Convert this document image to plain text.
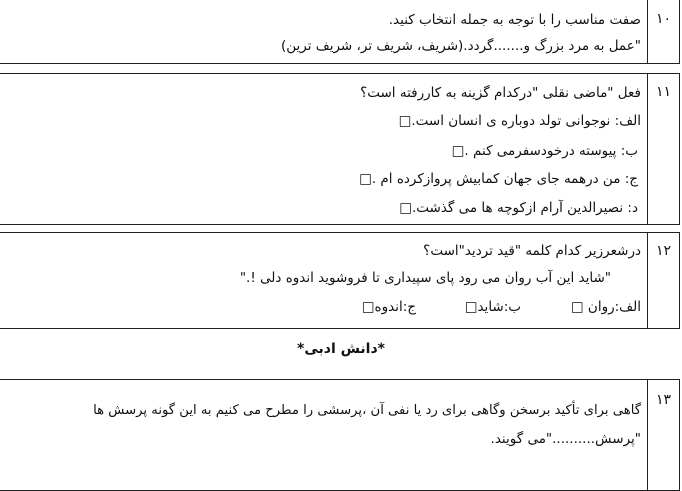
۱۰
صفت مناسب را با توجه به جمله انتخاب کنید.
"عمل به مرد بزرگ و.......گردد.(شریف، شریف تر، شریف ترین)
۱۱
فعل "ماضی نقلی "درکدام گزینه به کاررفته است؟
الف: نوجوانی تولد دوباره ی انسان است.□
ب: پیوسته درخودسفرمی کنم .□
ج: من درهمه جای جهان کمابیش پروازکرده ام .□
د: نصیرالدین آرام ازکوچه ها می گذشت.□
۱۲
درشعرزیر کدام کلمه "قید تردید"است؟
"شاید این آب روان می رود پای سپیداری تا فروشوید اندوه دلی !."
الف:روان □
ب:شاید□
ج:اندوه□
*دانش ادبی*
۱۳
گاهی برای تأکید برسخن وگاهی برای رد یا نفی آن ،پرسشی را مطرح می کنیم به این گونه پرسش ها
"پرسش.........."می گویند.
